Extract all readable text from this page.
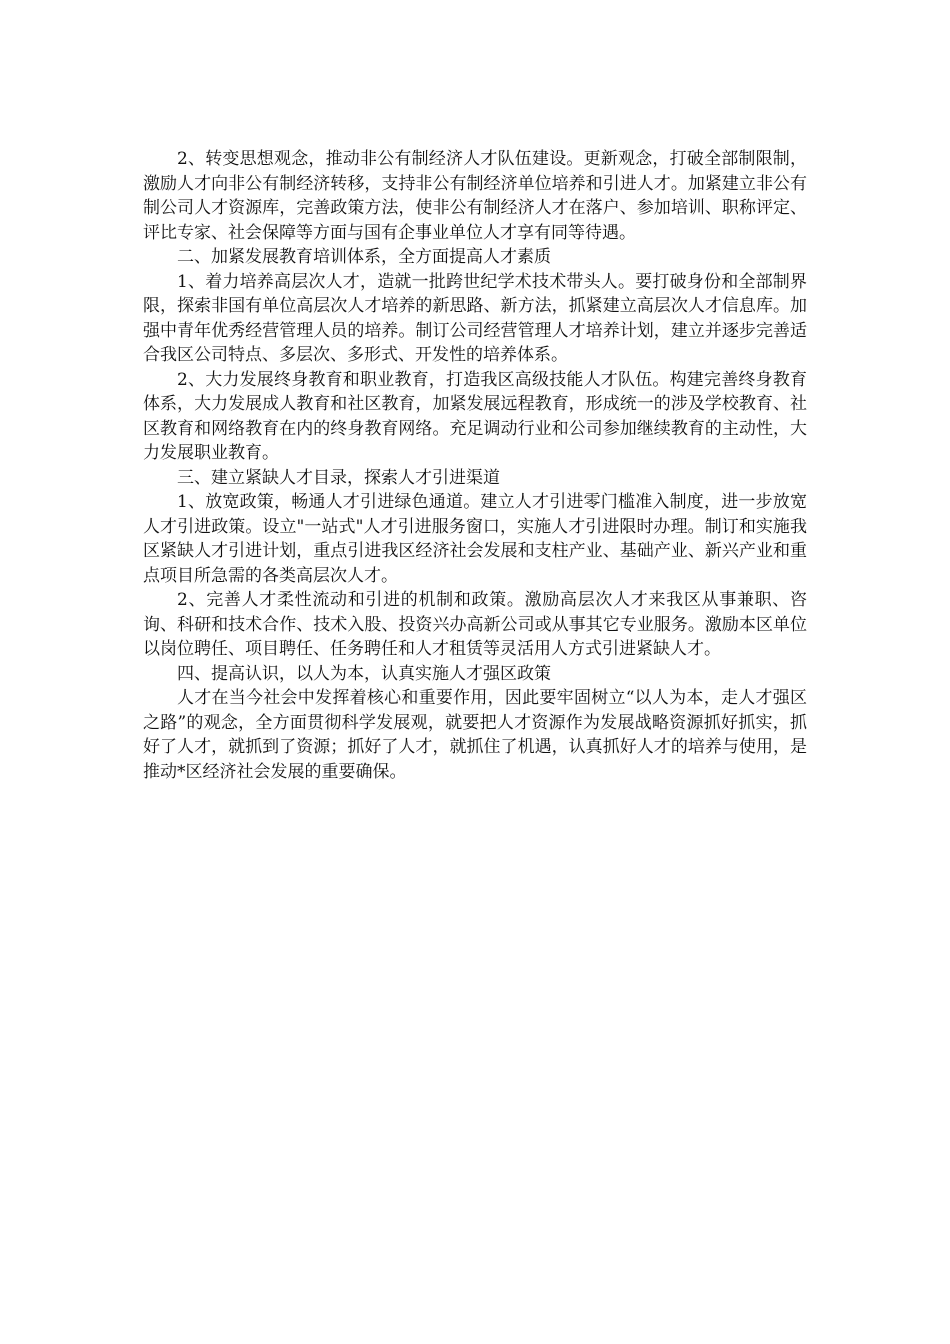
2、转变思想观念，推动非公有制经济人才队伍建设。更新观念，打破全部制限制，激励人才向非公有制经济转移，支持非公有制经济单位培养和引进人才。加紧建立非公有制公司人才资源库，完善政策方法，使非公有制经济人才在落户、参加培训、职称评定、评比专家、社会保障等方面与国有企事业单位人才享有同等待遇。

二、加紧发展教育培训体系，全方面提高人才素质

1、着力培养高层次人才，造就一批跨世纪学术技术带头人。要打破身份和全部制界限，探索非国有单位高层次人才培养的新思路、新方法，抓紧建立高层次人才信息库。加强中青年优秀经营管理人员的培养。制订公司经营管理人才培养计划，建立并逐步完善适合我区公司特点、多层次、多形式、开发性的培养体系。

2、大力发展终身教育和职业教育，打造我区高级技能人才队伍。构建完善终身教育体系，大力发展成人教育和社区教育，加紧发展远程教育，形成统一的涉及学校教育、社区教育和网络教育在内的终身教育网络。充足调动行业和公司参加继续教育的主动性，大力发展职业教育。

三、建立紧缺人才目录，探索人才引进渠道

1、放宽政策，畅通人才引进绿色通道。建立人才引进零门槛准入制度，进一步放宽人才引进政策。设立"一站式"人才引进服务窗口，实施人才引进限时办理。制订和实施我区紧缺人才引进计划，重点引进我区经济社会发展和支柱产业、基础产业、新兴产业和重点项目所急需的各类高层次人才。

2、完善人才柔性流动和引进的机制和政策。激励高层次人才来我区从事兼职、咨询、科研和技术合作、技术入股、投资兴办高新公司或从事其它专业服务。激励本区单位以岗位聘任、项目聘任、任务聘任和人才租赁等灵活用人方式引进紧缺人才。

四、提高认识，以人为本，认真实施人才强区政策

人才在当今社会中发挥着核心和重要作用，因此要牢固树立“以人为本，走人才强区之路”的观念，全方面贯彻科学发展观，就要把人才资源作为发展战略资源抓好抓实，抓好了人才，就抓到了资源；抓好了人才，就抓住了机遇，认真抓好人才的培养与使用，是推动*区经济社会发展的重要确保。
